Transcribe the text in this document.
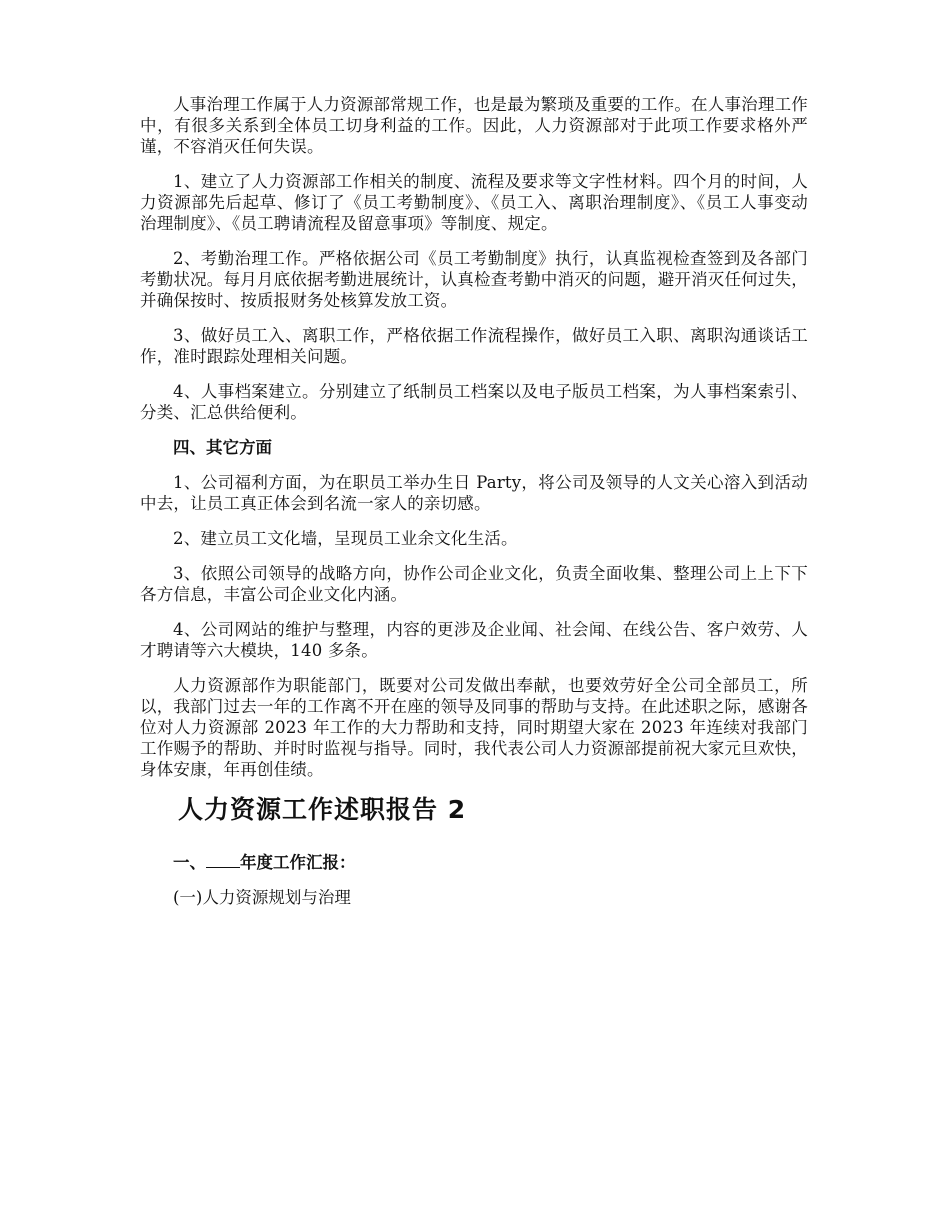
人事治理工作属于人力资源部常规工作，也是最为繁琐及重要的工作。在人事治理工作中，有很多关系到全体员工切身利益的工作。因此，人力资源部对于此项工作要求格外严谨，不容消灭任何失误。

1、建立了人力资源部工作相关的制度、流程及要求等文字性材料。四个月的时间，人力资源部先后起草、修订了《员工考勤制度》、《员工入、离职治理制度》、《员工人事变动治理制度》、《员工聘请流程及留意事项》等制度、规定。

2、考勤治理工作。严格依据公司《员工考勤制度》执行，认真监视检查签到及各部门考勤状况。每月月底依据考勤进展统计，认真检查考勤中消灭的问题，避开消灭任何过失，并确保按时、按质报财务处核算发放工资。

3、做好员工入、离职工作，严格依据工作流程操作，做好员工入职、离职沟通谈话工作，准时跟踪处理相关问题。

4、人事档案建立。分别建立了纸制员工档案以及电子版员工档案，为人事档案索引、分类、汇总供给便利。

四、其它方面

1、公司福利方面，为在职员工举办生日 Party，将公司及领导的人文关心溶入到活动中去，让员工真正体会到名流一家人的亲切感。

2、建立员工文化墙，呈现员工业余文化生活。

3、依照公司领导的战略方向，协作公司企业文化，负责全面收集、整理公司上上下下各方信息，丰富公司企业文化内涵。

4、公司网站的维护与整理，内容的更涉及企业闻、社会闻、在线公告、客户效劳、人才聘请等六大模块，140 多条。

人力资源部作为职能部门，既要对公司发做出奉献，也要效劳好全公司全部员工，所以，我部门过去一年的工作离不开在座的领导及同事的帮助与支持。在此述职之际，感谢各位对人力资源部 2023 年工作的大力帮助和支持，同时期望大家在 2023 年连续对我部门工作赐予的帮助、并时时监视与指导。同时，我代表公司人力资源部提前祝大家元旦欢快，身体安康，年再创佳绩。

人力资源工作述职报告 2

一、 年度工作汇报：

(一)人力资源规划与治理
